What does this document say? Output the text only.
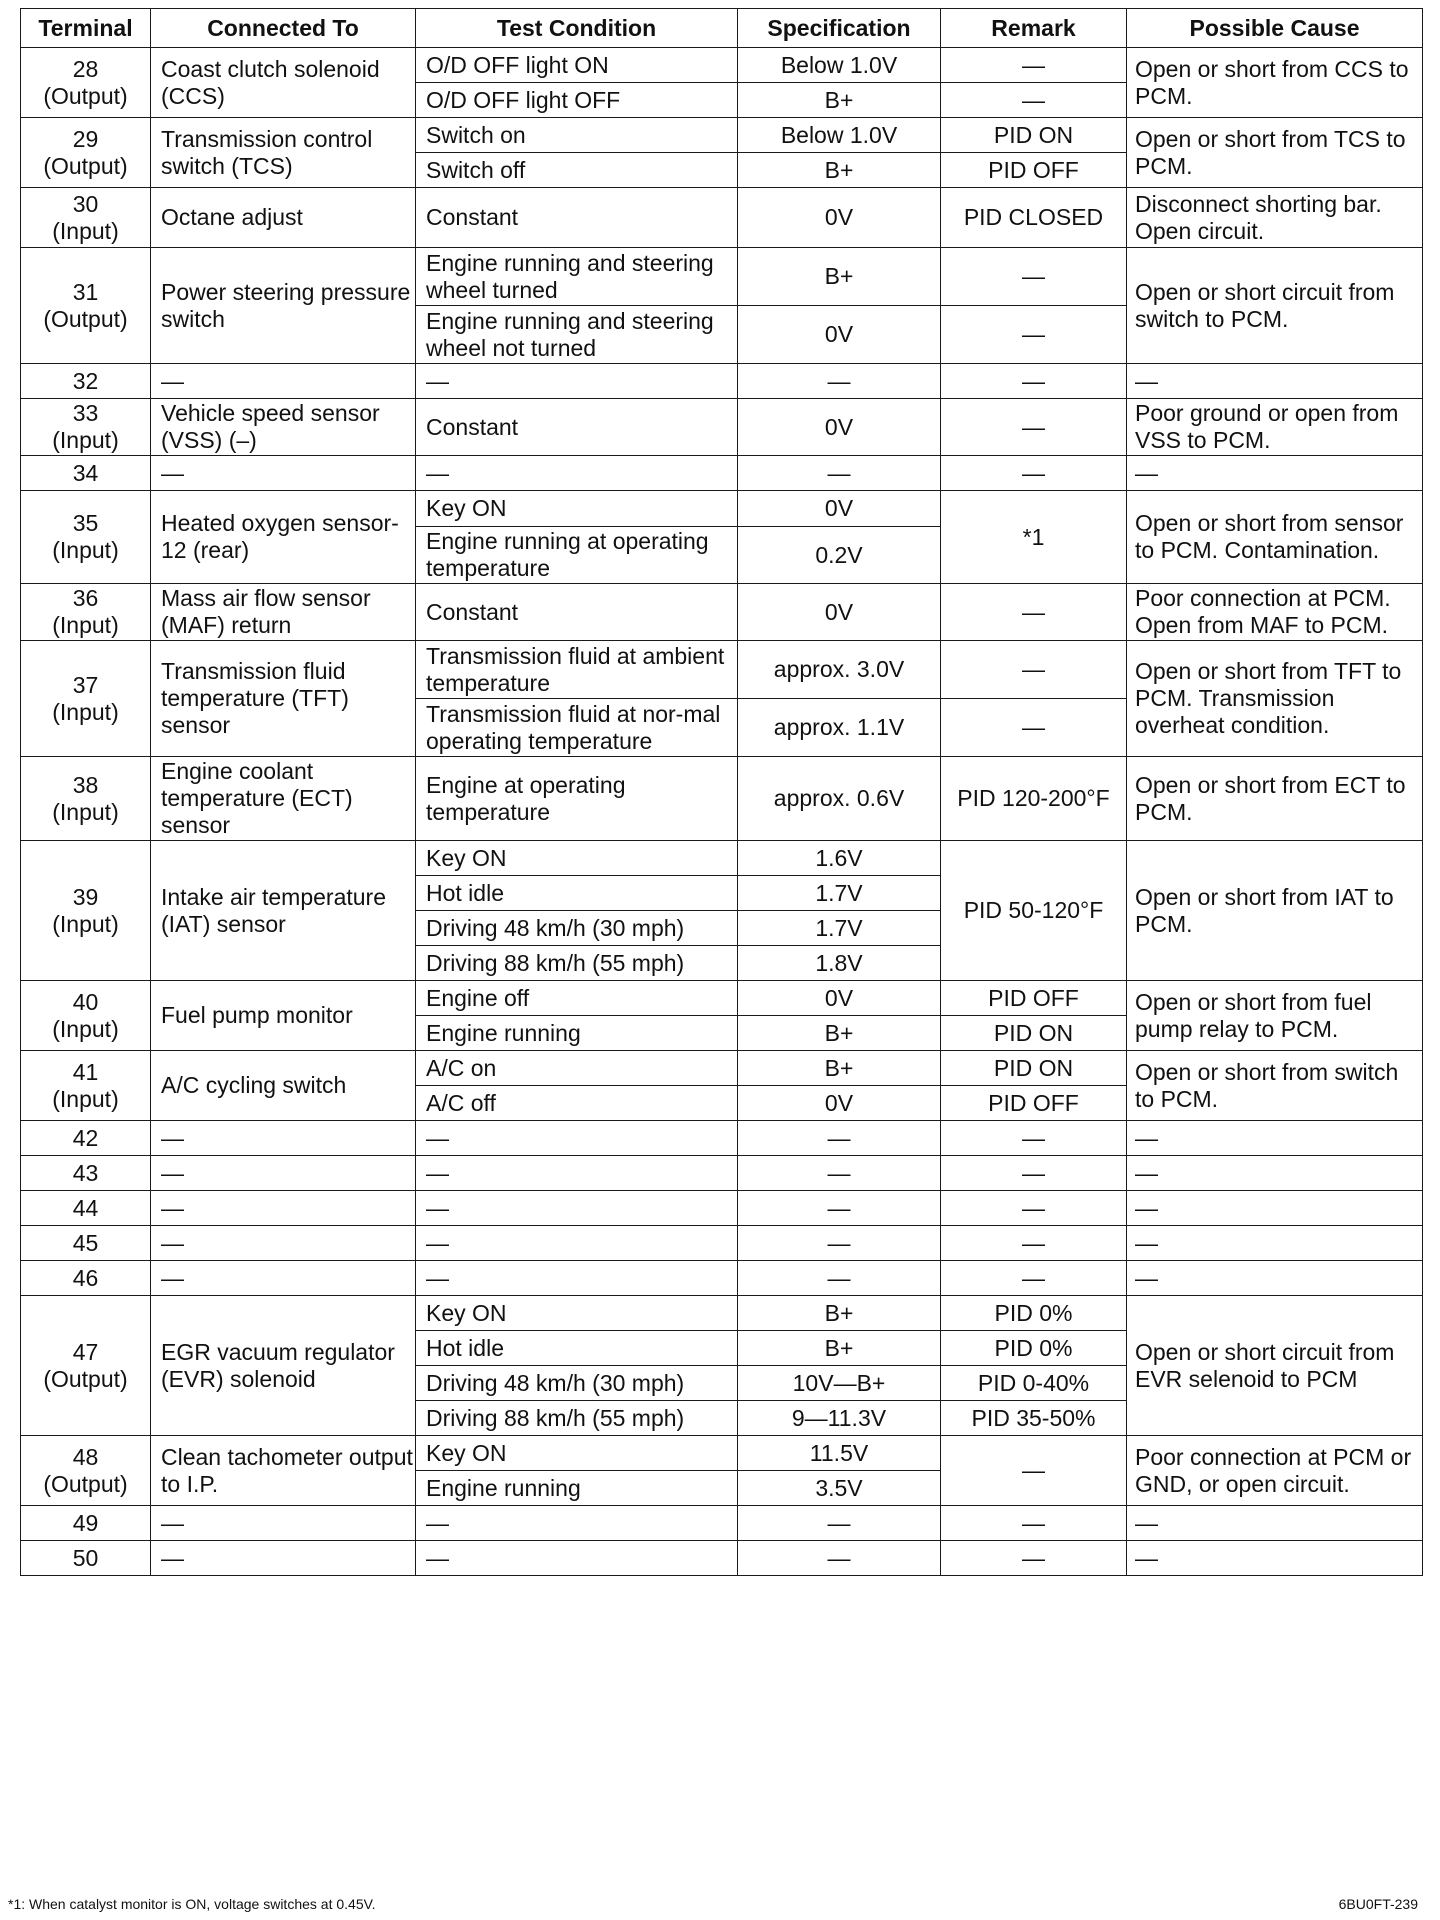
Terminal	Connected To	Test Condition	Specification	Remark	Possible Cause
28
(Output)	Coast clutch solenoid (CCS)	O/D OFF light ON	Below 1.0V	—	Open or short from CCS to PCM.
		O/D OFF light OFF	B+	—	
29
(Output)	Transmission control switch (TCS)	Switch on	Below 1.0V	PID ON	Open or short from TCS to PCM.
		Switch off	B+	PID OFF	
30
(Input)	Octane adjust	Constant	0V	PID CLOSED	Disconnect shorting bar. Open circuit.
31
(Output)	Power steering pressure switch	Engine running and steering wheel turned	B+	—	Open or short circuit from switch to PCM.
		Engine running and steering wheel not turned	0V	—	
32	—	—	—	—	—
33
(Input)	Vehicle speed sensor (VSS) (–)	Constant	0V	—	Poor ground or open from VSS to PCM.
34	—	—	—	—	—
35
(Input)	Heated oxygen sensor-12 (rear)	Key ON	0V	*1	Open or short from sensor to PCM. Contamination.
		Engine running at operating temperature	0.2V		
36
(Input)	Mass air flow sensor (MAF) return	Constant	0V	—	Poor connection at PCM. Open from MAF to PCM.
37
(Input)	Transmission fluid temperature (TFT) sensor	Transmission fluid at ambient temperature	approx. 3.0V	—	Open or short from TFT to PCM. Transmission overheat condition.
		Transmission fluid at nor-mal operating temperature	approx. 1.1V	—	
38
(Input)	Engine coolant temperature (ECT) sensor	Engine at operating temperature	approx. 0.6V	PID 120-200°F	Open or short from ECT to PCM.
39
(Input)	Intake air temperature (IAT) sensor	Key ON	1.6V	PID 50-120°F	Open or short from IAT to PCM.
		Hot idle	1.7V		
		Driving 48 km/h (30 mph)	1.7V		
		Driving 88 km/h (55 mph)	1.8V		
40
(Input)	Fuel pump monitor	Engine off	0V	PID OFF	Open or short from fuel pump relay to PCM.
		Engine running	B+	PID ON	
41
(Input)	A/C cycling switch	A/C on	B+	PID ON	Open or short from switch to PCM.
		A/C off	0V	PID OFF	
42	—	—	—	—	—
43	—	—	—	—	—
44	—	—	—	—	—
45	—	—	—	—	—
46	—	—	—	—	—
47
(Output)	EGR vacuum regulator (EVR) solenoid	Key ON	B+	PID 0%	Open or short circuit from EVR selenoid to PCM
		Hot idle	B+	PID 0%	
		Driving 48 km/h (30 mph)	10V—B+	PID 0-40%	
		Driving 88 km/h (55 mph)	9—11.3V	PID 35-50%	
48
(Output)	Clean tachometer output to I.P.	Key ON	11.5V	—	Poor connection at PCM or GND, or open circuit.
		Engine running	3.5V		
49	—	—	—	—	—
50	—	—	—	—	—
*1: When catalyst monitor is ON, voltage switches at 0.45V.	6BU0FT-239
